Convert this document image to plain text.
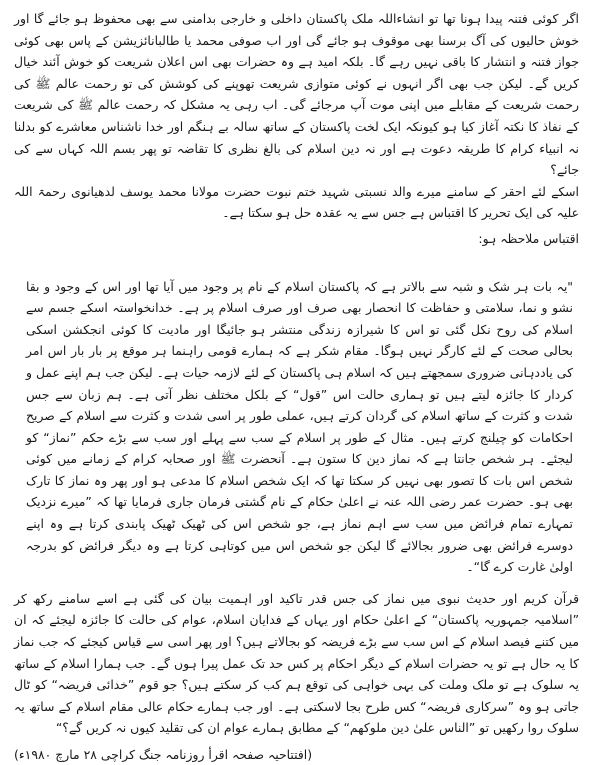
اگر کوئی فتنہ پیدا ہونا تھا تو انشاءاللہ ملک پاکستان داخلی و خارجی بدامنی سے بھی محفوظ ہو جائے گا اور خوش حالیوں کی آگ برسنا بھی موقوف ہو جائے گی اور اب صوفی محمد یا طالبانائزیشن کے پاس بھی کوئی جواز فتنہ و انتشار کا باقی نہیں رہے گا۔ بلکہ امید ہے وہ حضرات بھی اس اعلان شریعت کو خوش آئند خیال کریں گے۔ لیکن جب بھی اگر انہوں نے کوئی متوازی شریعت تھوپنے کی کوشش کی تو رحمت عالم ﷺ کی رحمت شریعت کے مقابلے میں اپنی موت آپ مرجائے گی۔ اب رہی یہ مشکل کہ رحمت عالم ﷺ کی شریعت کے نفاذ کا نکتہ آغاز کیا ہو کیونکہ ایک لخت پاکستان کے ساتھ سالہ بے ہنگم اور خدا ناشناس معاشرے کو بدلنا نہ انبیاء کرام کا طریقہ دعوت ہے اور نہ دین اسلام کی بالغ نظری کا تقاضہ تو پھر بسم اللہ کہاں سے کی جائے؟

اسکے لئے احقر کے سامنے میرے والد نسبتی شہید ختم نبوت حضرت مولانا محمد یوسف لدھیانوی رحمۃ اللہ علیہ کی ایک تحریر کا اقتباس ہے جس سے یہ عقدہ حل ہو سکتا ہے۔

اقتباس ملاحظہ ہو:

"یہ بات ہر شک و شبہ سے بالاتر ہے کہ پاکستان اسلام کے نام پر وجود میں آیا تھا اور اس کے وجود و بقا نشو و نما، سلامتی و حفاظت کا انحصار بھی صرف اور صرف اسلام پر ہے۔ خدانخواستہ اسکے جسم سے اسلام کی روح نکل گئی تو اس کا شیرازہ زندگی منتشر ہو جائیگا اور مادیت کا کوئی انجکشن اسکی بحالی صحت کے لئے کارگر نہیں ہوگا۔ مقام شکر ہے کہ ہمارے قومی راہنما ہر موقع پر بار بار اس امر کی یاددہانی ضروری سمجھتے ہیں کہ اسلام ہی پاکستان کے لئے لازمہ حیات ہے۔ لیکن جب ہم اپنے عمل و کردار کا جائزہ لیتے ہیں تو ہماری حالت اس ”قول“ کے بلکل مختلف نظر آتی ہے۔ ہم زبان سے جس شدت و کثرت کے ساتھ اسلام کی گردان کرتے ہیں، عملی طور پر اسی شدت و کثرت سے اسلام کے صریح احکامات کو چیلنج کرتے ہیں۔ مثال کے طور پر اسلام کے سب سے پہلے اور سب سے بڑے حکم ”نماز“ کو لیجئے۔ ہر شخص جانتا ہے کہ نماز دین کا ستون ہے۔ آنحضرت ﷺ اور صحابہ کرام کے زمانے میں کوئی شخص اس بات کا تصور بھی نہیں کر سکتا تھا کہ ایک شخص اسلام کا مدعی ہو اور پھر وہ نماز کا تارک بھی ہو۔ حضرت عمر رضی اللہ عنہ نے اعلیٰ حکام کے نام گشتی فرمان جاری فرمایا تھا کہ ”میرے نزدیک تمہارے تمام فرائض میں سب سے اہم نماز ہے، جو شخص اس کی ٹھیک ٹھیک پابندی کرتا ہے وہ اپنے دوسرے فرائض بھی ضرور بجالائے گا لیکن جو شخص اس میں کوتاہی کرتا ہے وہ دیگر فرائض کو بدرجہ اولیٰ غارت کرے گا“۔

قرآن کریم اور حدیث نبوی میں نماز کی جس قدر تاکید اور اہمیت بیان کی گئی ہے اسے سامنے رکھ کر ”اسلامیہ جمہوریہ پاکستان“ کے اعلیٰ حکام اور یہاں کے فدایان اسلام، عوام کی حالت کا جائزہ لیجئے کہ ان میں کتنے فیصد اسلام کے اس سب سے بڑے فریضہ کو بجالاتے ہیں؟ اور پھر اسی سے قیاس کیجئے کہ جب نماز کا یہ حال ہے تو یہ حضرات اسلام کے دیگر احکام پر کس حد تک عمل پیرا ہوں گے۔ جب ہمارا اسلام کے ساتھ یہ سلوک ہے تو ملک وملت کی بہی خواہی کی توقع ہم کب کر سکتے ہیں؟ جو قوم ”خدائی فریضہ“ کو ٹال جاتی ہو وہ ”سرکاری فریضہ“ کس طرح بجا لاسکتی ہے۔ اور جب ہمارے حکام عالی مقام اسلام کے ساتھ یہ سلوک روا رکھیں تو ”الناس علیٰ دین ملوکھم“ کے مطابق ہمارے عوام ان کی تقلید کیوں نہ کریں گے؟“

(افتتاحیہ صفحہ اقرأ روزنامہ جنگ کراچی ۲۸ مارچ ۱۹۸۰ء)
